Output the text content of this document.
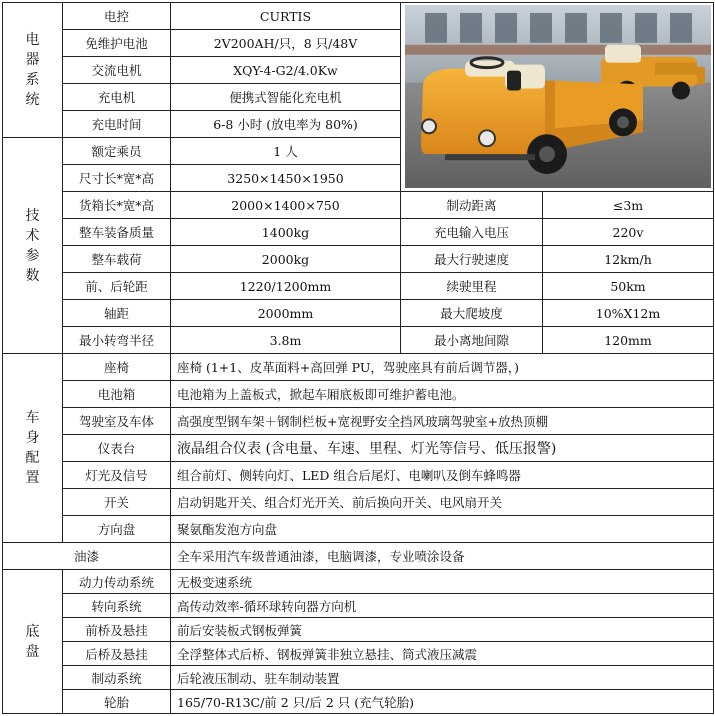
电
器
系
统
电控	CURTIS
免维护电池	2V200AH/只，8 只/48V
交流电机	XQY-4-G2/4.0Kw
充电机	便携式智能化充电机
充电时间	6-8 小时 (放电率为 80%)
技
术
参
数
额定乘员	1 人
尺寸长*宽*高	3250×1450×1950
货箱长*宽*高	2000×1400×750	制动距离	≤3m
整车装备质量	1400kg	充电输入电压	220v
整车载荷	2000kg	最大行驶速度	12km/h
前、后轮距	1220/1200mm	续驶里程	50km
轴距	2000mm	最大爬坡度	10%X12m
最小转弯半径	3.8m	最小离地间隙	120mm
车
身
配
置
座椅	座椅 (1+1、皮革面料+高回弹 PU，驾驶座具有前后调节器，)
电池箱	电池箱为上盖板式，掀起车厢底板即可维护蓄电池。
驾驶室及车体	高强度型钢车架＋钢制栏板+宽视野安全挡风玻璃驾驶室+放热顶棚
仪表台	液晶组合仪表 (含电量、车速、里程、灯光等信号、低压报警)
灯光及信号	组合前灯、侧转向灯、LED 组合后尾灯、电喇叭及倒车蜂鸣器
开关	启动钥匙开关、组合灯光开关、前后换向开关、电风扇开关
方向盘	聚氨酯发泡方向盘
油漆	全车采用汽车级普通油漆，电脑调漆，专业喷涂设备
底
盘
动力传动系统	无极变速系统
转向系统	高传动效率-循环球转向器方向机
前桥及悬挂	前后安装板式钢板弹簧
后桥及悬挂	全浮整体式后桥、钢板弹簧非独立悬挂、筒式液压减震
制动系统	后轮液压制动、驻车制动装置
轮胎	165/70-R13C/前 2 只/后 2 只 (充气轮胎)
